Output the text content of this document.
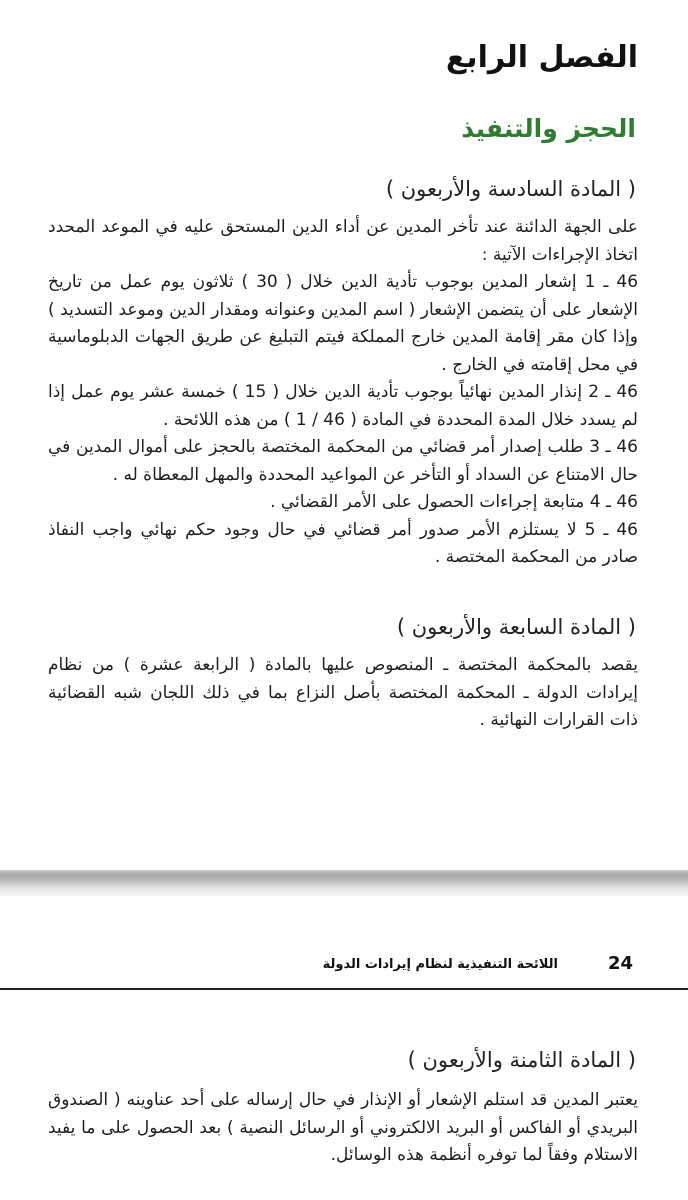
الفصل الرابع
الحجز والتنفيذ
( المادة السادسة والأربعون )

على الجهة الدائنة عند تأخر المدين عن أداء الدين المستحق عليه في الموعد المحدد اتخاذ الإجراءات الآتية :

46 ـ 1 إشعار المدين بوجوب تأدية الدين خلال ( 30 ) ثلاثون يوم عمل من تاريخ الإشعار على أن يتضمن الإشعار ( اسم المدين وعنوانه ومقدار الدين وموعد التسديد ) وإذا كان مقر إقامة المدين خارج المملكة فيتم التبليغ عن طريق الجهات الدبلوماسية في محل إقامته في الخارج .

46 ـ 2 إنذار المدين نهائياً بوجوب تأدية الدين خلال ( 15 ) خمسة عشر يوم عمل إذا لم يسدد خلال المدة المحددة في المادة ( 46 / 1 ) من هذه اللائحة .

46 ـ 3 طلب إصدار أمر قضائي من المحكمة المختصة بالحجز على أموال المدين في حال الامتناع عن السداد أو التأخر عن المواعيد المحددة والمهل المعطاة له .

46 ـ 4 متابعة إجراءات الحصول على الأمر القضائي .

46 ـ 5 لا يستلزم الأمر صدور أمر قضائي في حال وجود حكم نهائي واجب النفاذ صادر من المحكمة المختصة .

( المادة السابعة والأربعون )
يقصد بالمحكمة المختصة ـ المنصوص عليها بالمادة ( الرابعة عشرة ) من نظام إيرادات الدولة ـ المحكمة المختصة بأصل النزاع بما في ذلك اللجان شبه القضائية ذات القرارات النهائية .
اللائحة التنفيذية لنظام إيرادات الدولة	24
( المادة الثامنة والأربعون )
يعتبر المدين قد استلم الإشعار أو الإنذار في حال إرساله على أحد عناوينه ( الصندوق البريدي أو الفاكس أو البريد الالكتروني أو الرسائل النصية ) بعد الحصول على ما يفيد الاستلام وفقاً لما توفره أنظمة هذه الوسائل.
